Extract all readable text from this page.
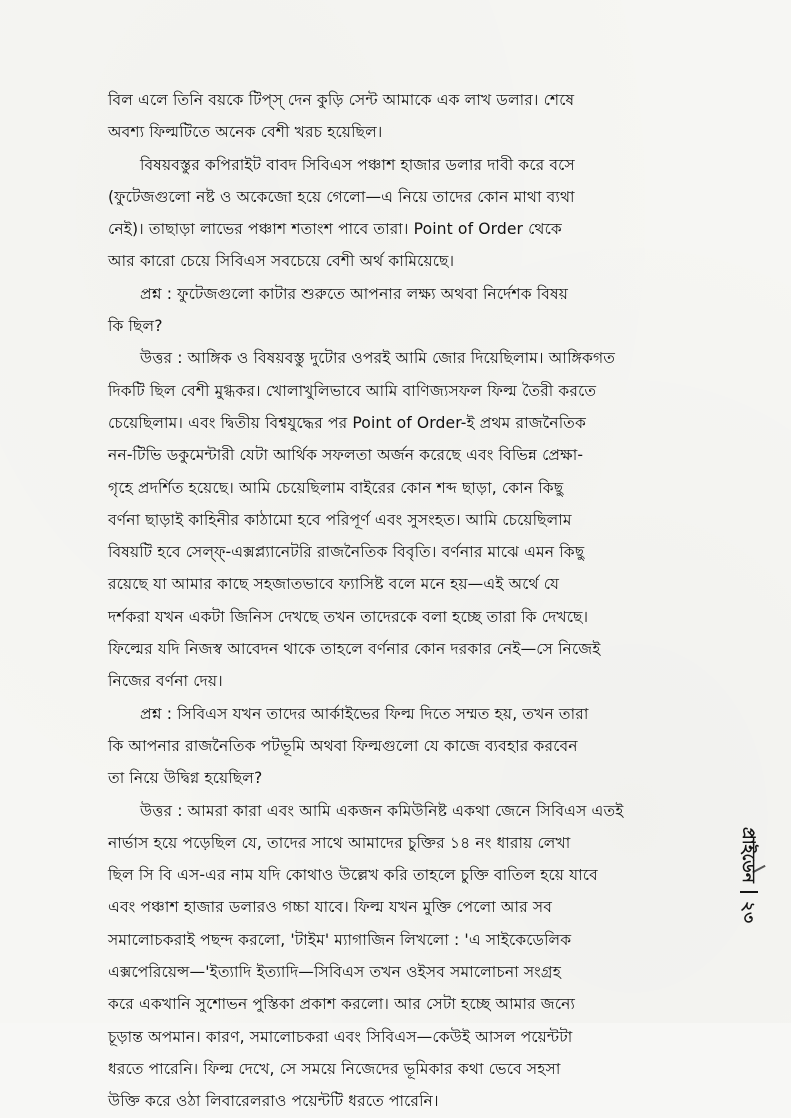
বিল এলে তিনি বয়কে টিপ্স্ দেন কুড়ি সেন্ট আমাকে এক লাখ ডলার। শেষে
অবশ্য ফিল্মটিতে অনেক বেশী খরচ হয়েছিল।
বিষয়বস্তুর কপিরাইট বাবদ সিবিএস পঞ্চাশ হাজার ডলার দাবী করে বসে
(ফুটেজগুলো নষ্ট ও অকেজো হয়ে গেলো—এ নিয়ে তাদের কোন মাথা ব্যথা
নেই)। তাছাড়া লাভের পঞ্চাশ শতাংশ পাবে তারা। Point of Order থেকে
আর কারো চেয়ে সিবিএস সবচেয়ে বেশী অর্থ কামিয়েছে।
প্রশ্ন : ফুটেজগুলো কাটার শুরুতে আপনার লক্ষ্য অথবা নির্দেশক বিষয়
কি ছিল?
উত্তর : আঙ্গিক ও বিষয়বস্তু দুটোর ওপরই আমি জোর দিয়েছিলাম। আঙ্গিকগত
দিকটি ছিল বেশী মুগ্ধকর। খোলাখুলিভাবে আমি বাণিজ্যসফল ফিল্ম তৈরী করতে
চেয়েছিলাম। এবং দ্বিতীয় বিশ্বযুদ্ধের পর Point of Order-ই প্রথম রাজনৈতিক
নন-টিভি ডকুমেন্টারী যেটা আর্থিক সফলতা অর্জন করেছে এবং বিভিন্ন প্রেক্ষা-
গৃহে প্রদর্শিত হয়েছে। আমি চেয়েছিলাম বাইরের কোন শব্দ ছাড়া, কোন কিছু
বর্ণনা ছাড়াই কাহিনীর কাঠামো হবে পরিপূর্ণ এবং সুসংহত। আমি চেয়েছিলাম
বিষয়টি হবে সেল্ফ্-এক্সপ্ল্যানেটরি রাজনৈতিক বিবৃতি। বর্ণনার মাঝে এমন কিছু
রয়েছে যা আমার কাছে সহজাতভাবে ফ্যাসিষ্ট বলে মনে হয়—এই অর্থে যে
দর্শকরা যখন একটা জিনিস দেখছে তখন তাদেরকে বলা হচ্ছে তারা কি দেখছে।
ফিল্মের যদি নিজস্ব আবেদন থাকে তাহলে বর্ণনার কোন দরকার নেই—সে নিজেই
নিজের বর্ণনা দেয়।
প্রশ্ন : সিবিএস যখন তাদের আর্কাইভের ফিল্ম দিতে সম্মত হয়, তখন তারা
কি আপনার রাজনৈতিক পটভূমি অথবা ফিল্মগুলো যে কাজে ব্যবহার করবেন
তা নিয়ে উদ্বিগ্ন হয়েছিল?
উত্তর : আমরা কারা এবং আমি একজন কমিউনিষ্ট একথা জেনে সিবিএস এতই
নার্ভাস হয়ে পড়েছিল যে, তাদের সাথে আমাদের চুক্তির ১৪ নং ধারায় লেখা
ছিল সি বি এস-এর নাম যদি কোথাও উল্লেখ করি তাহলে চুক্তি বাতিল হয়ে যাবে
এবং পঞ্চাশ হাজার ডলারও গচ্চা যাবে। ফিল্ম যখন মুক্তি পেলো আর সব
সমালোচকরাই পছন্দ করলো, 'টাইম' ম্যাগাজিন লিখলো : 'এ সাইকেডেলিক
এক্সপেরিয়েন্স—'ইত্যাদি ইত্যাদি—সিবিএস তখন ওইসব সমালোচনা সংগ্রহ
করে একখানি সুশোভন পুস্তিকা প্রকাশ করলো। আর সেটা হচ্ছে আমার জন্যে
চূড়ান্ত অপমান। কারণ, সমালোচকরা এবং সিবিএস—কেউই আসল পয়েন্টটা
ধরতে পারেনি। ফিল্ম দেখে, সে সময়ে নিজেদের ভূমিকার কথা ভেবে সহসা
উক্তি করে ওঠা লিবারেলরাও পয়েন্টটি ধরতে পারেনি।
প্রাইডেন২৩
